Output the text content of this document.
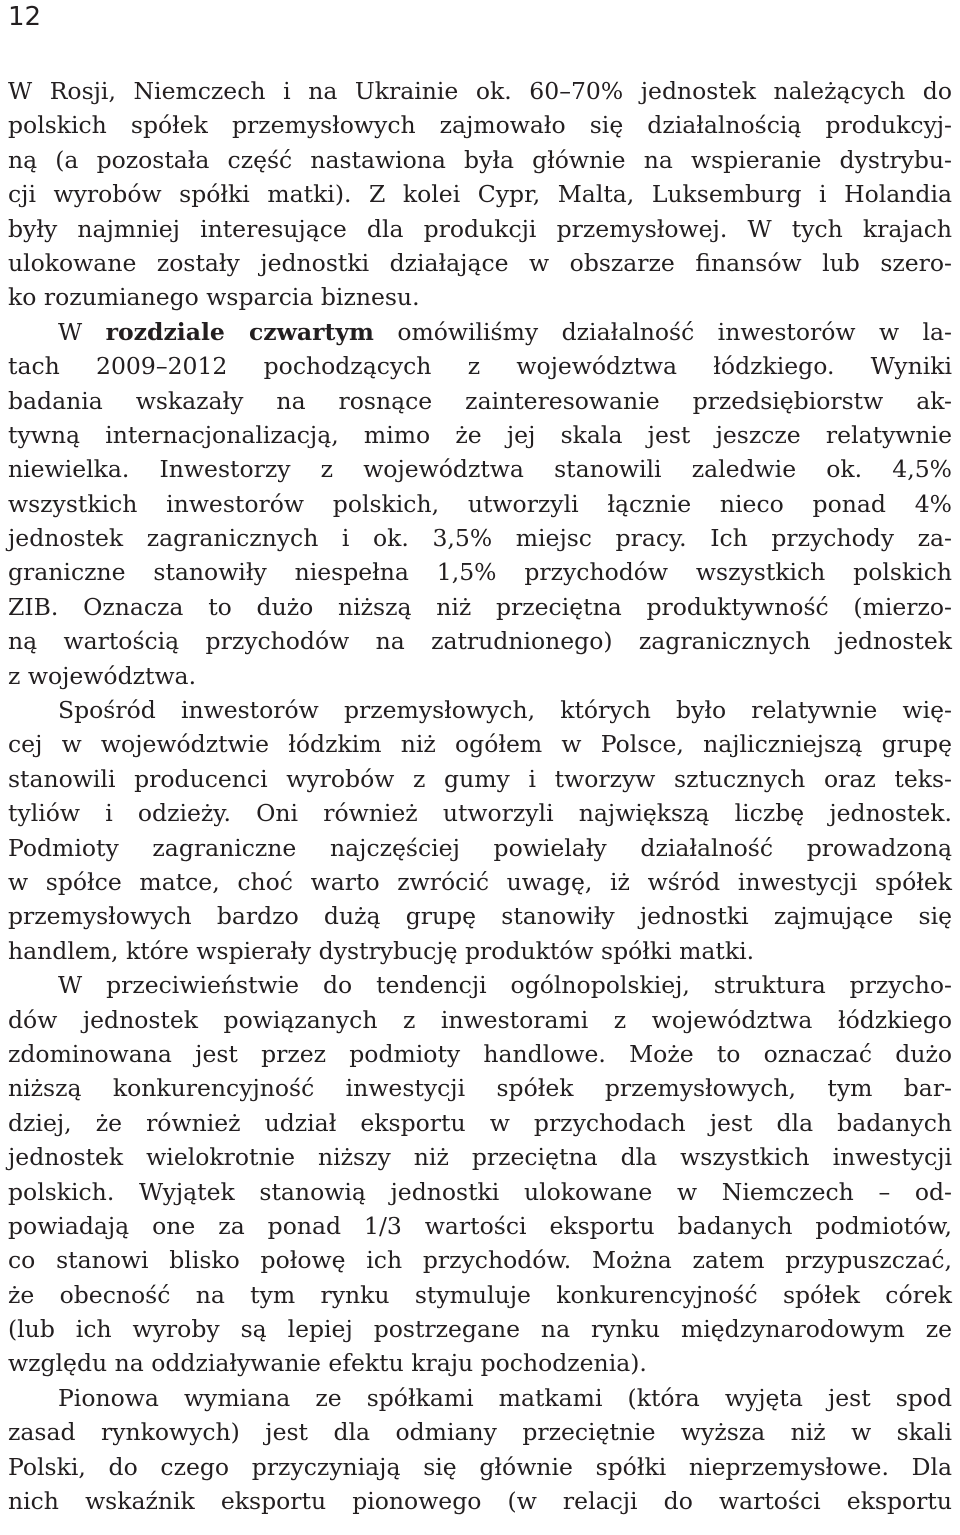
12
W Rosji, Niemczech i na Ukrainie ok. 60–70% jednostek należących do
polskich spółek przemysłowych zajmowało się działalnością produkcyj-
ną (a pozostała część nastawiona była głównie na wspieranie dystrybu-
cji wyrobów spółki matki). Z kolei Cypr, Malta, Luksemburg i Holandia
były najmniej interesujące dla produkcji przemysłowej. W tych krajach
ulokowane zostały jednostki działające w obszarze finansów lub szero-
ko rozumianego wsparcia biznesu.
W rozdziale czwartym omówiliśmy działalność inwestorów w la-
tach 2009–2012 pochodzących z województwa łódzkiego. Wyniki
badania wskazały na rosnące zainteresowanie przedsiębiorstw ak-
tywną internacjonalizacją, mimo że jej skala jest jeszcze relatywnie
niewielka. Inwestorzy z województwa stanowili zaledwie ok. 4,5%
wszystkich inwestorów polskich, utworzyli łącznie nieco ponad 4%
jednostek zagranicznych i ok. 3,5% miejsc pracy. Ich przychody za-
graniczne stanowiły niespełna 1,5% przychodów wszystkich polskich
ZIB. Oznacza to dużo niższą niż przeciętna produktywność (mierzo-
ną wartością przychodów na zatrudnionego) zagranicznych jednostek
z województwa.
Spośród inwestorów przemysłowych, których było relatywnie wię-
cej w województwie łódzkim niż ogółem w Polsce, najliczniejszą grupę
stanowili producenci wyrobów z gumy i tworzyw sztucznych oraz teks-
tyliów i odzieży. Oni również utworzyli największą liczbę jednostek.
Podmioty zagraniczne najczęściej powielały działalność prowadzoną
w spółce matce, choć warto zwrócić uwagę, iż wśród inwestycji spółek
przemysłowych bardzo dużą grupę stanowiły jednostki zajmujące się
handlem, które wspierały dystrybucję produktów spółki matki.
W przeciwieństwie do tendencji ogólnopolskiej, struktura przycho-
dów jednostek powiązanych z inwestorami z województwa łódzkiego
zdominowana jest przez podmioty handlowe. Może to oznaczać dużo
niższą konkurencyjność inwestycji spółek przemysłowych, tym bar-
dziej, że również udział eksportu w przychodach jest dla badanych
jednostek wielokrotnie niższy niż przeciętna dla wszystkich inwestycji
polskich. Wyjątek stanowią jednostki ulokowane w Niemczech – od-
powiadają one za ponad 1/3 wartości eksportu badanych podmiotów,
co stanowi blisko połowę ich przychodów. Można zatem przypuszczać,
że obecność na tym rynku stymuluje konkurencyjność spółek córek
(lub ich wyroby są lepiej postrzegane na rynku międzynarodowym ze
względu na oddziaływanie efektu kraju pochodzenia).
Pionowa wymiana ze spółkami matkami (która wyjęta jest spod
zasad rynkowych) jest dla odmiany przeciętnie wyższa niż w skali
Polski, do czego przyczyniają się głównie spółki nieprzemysłowe. Dla
nich wskaźnik eksportu pionowego (w relacji do wartości eksportu
